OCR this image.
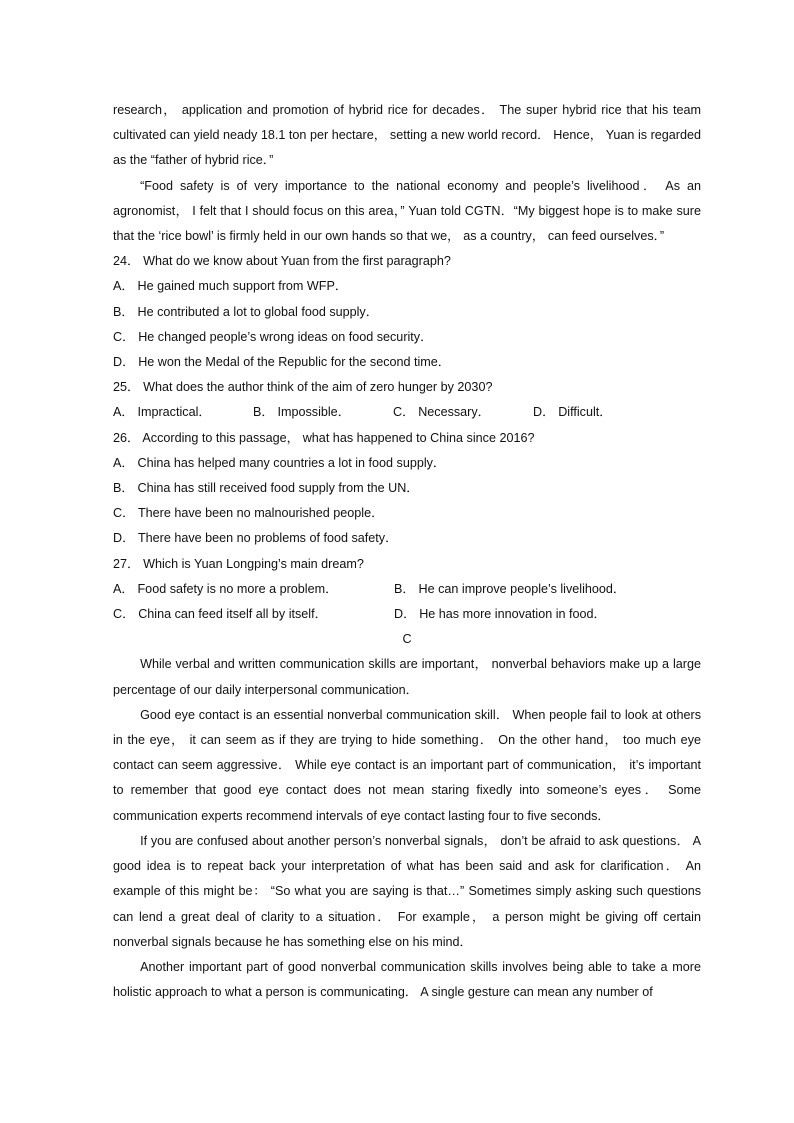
research， application and promotion of hybrid rice for decades． The super hybrid rice that his team cultivated can yield neady 18.1 ton per hectare， setting a new world record． Hence， Yuan is regarded as the “father of hybrid rice．”

“Food safety is of very importance to the national economy and people’s livelihood． As an agronomist， I felt that I should focus on this area，” Yuan told CGTN．“My biggest hope is to make sure that the ‘rice bowl’ is firmly held in our own hands so that we， as a country， can feed ourselves．”

24． What do we know about Yuan from the first paragraph?

A． He gained much support from WFP．

B． He contributed a lot to global food supply．

C． He changed people’s wrong ideas on food security．

D． He won the Medal of the Republic for the second time．

25． What does the author think of the aim of zero hunger by 2030?

A． Impractical．	B． Impossible．	C． Necessary．	D． Difficult．

26． According to this passage， what has happened to China since 2016?

A． China has helped many countries a lot in food supply．

B． China has still received food supply from the UN．

C． There have been no malnourished people．

D． There have been no problems of food safety．

27． Which is Yuan Longping’s main dream?

A． Food safety is no more a problem．	B． He can improve people’s livelihood．
C． China can feed itself all by itself．	D． He has more innovation in food．

C

While verbal and written communication skills are important， nonverbal behaviors make up a large percentage of our daily interpersonal communication．

Good eye contact is an essential nonverbal communication skill． When people fail to look at others in the eye， it can seem as if they are trying to hide something． On the other hand， too much eye contact can seem aggressive． While eye contact is an important part of communication， it’s important to remember that good eye contact does not mean staring fixedly into someone’s eyes． Some communication experts recommend intervals of eye contact lasting four to five seconds．

If you are confused about another person’s nonverbal signals， don’t be afraid to ask questions． A good idea is to repeat back your interpretation of what has been said and ask for clarification． An example of this might be： “So what you are saying is that…” Sometimes simply asking such questions can lend a great deal of clarity to a situation． For example， a person might be giving off certain nonverbal signals because he has something else on his mind．

Another important part of good nonverbal communication skills involves being able to take a more holistic approach to what a person is communicating． A single gesture can mean any number of
